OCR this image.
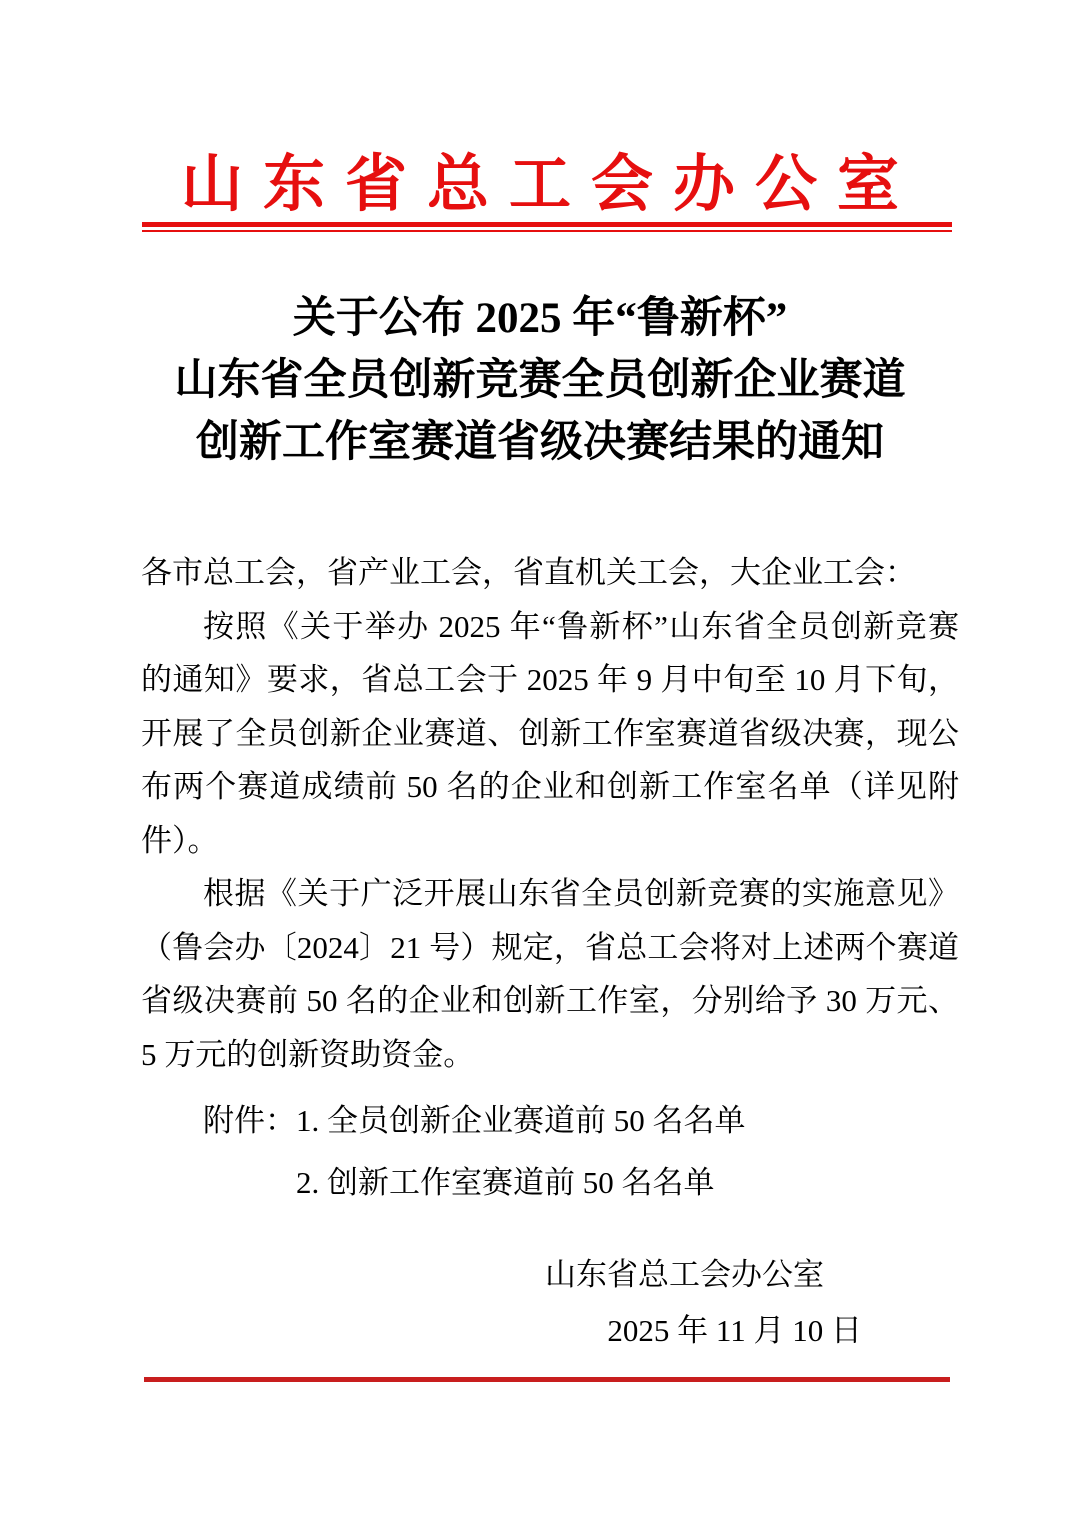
山东省总工会办公室
关于公布 2025 年“鲁新杯”
山东省全员创新竞赛全员创新企业赛道
创新工作室赛道省级决赛结果的通知

各市总工会，省产业工会，省直机关工会，大企业工会：

按照《关于举办 2025 年“鲁新杯”山东省全员创新竞赛的通知》要求，省总工会于 2025 年 9 月中旬至 10 月下旬，开展了全员创新企业赛道、创新工作室赛道省级决赛，现公布两个赛道成绩前 50 名的企业和创新工作室名单（详见附件）。

根据《关于广泛开展山东省全员创新竞赛的实施意见》（鲁会办〔2024〕21 号）规定，省总工会将对上述两个赛道省级决赛前 50 名的企业和创新工作室，分别给予 30 万元、5 万元的创新资助资金。

附件：1. 全员创新企业赛道前 50 名名单
2. 创新工作室赛道前 50 名名单
山东省总工会办公室
2025 年 11 月 10 日
